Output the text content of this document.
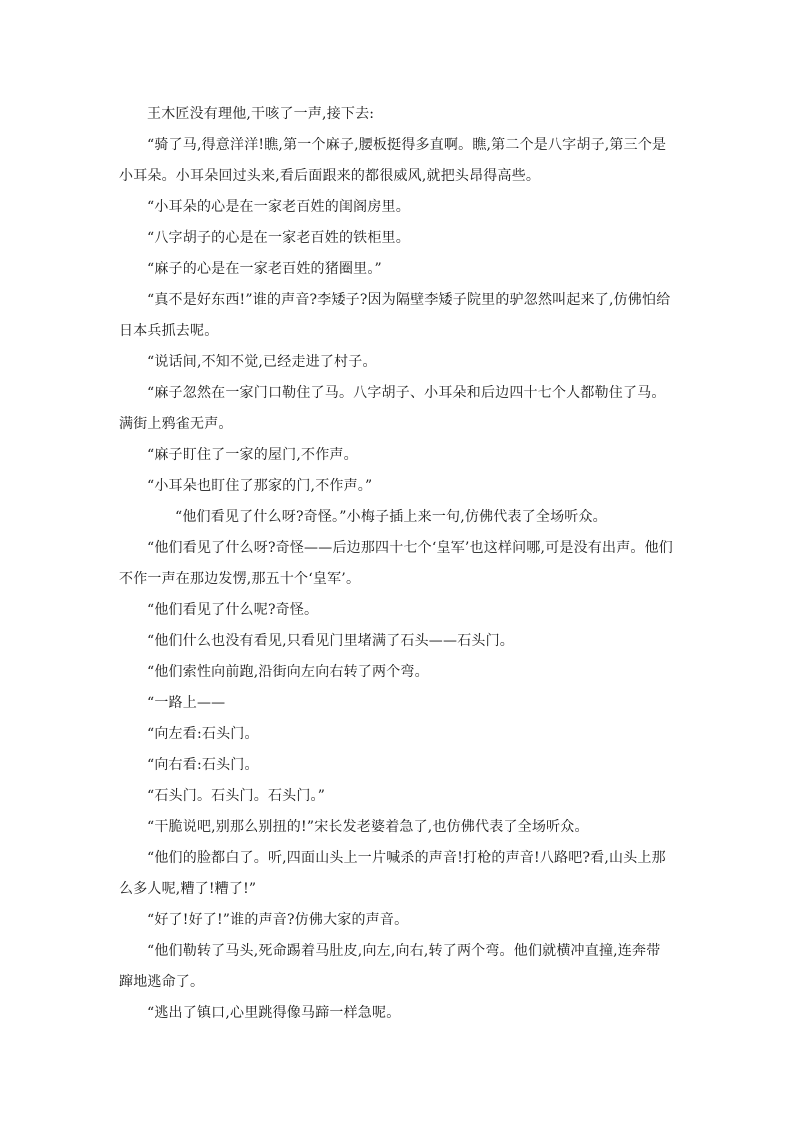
王木匠没有理他,干咳了一声,接下去:

“骑了马,得意洋洋!瞧,第一个麻子,腰板挺得多直啊。瞧,第二个是八字胡子,第三个是小耳朵。小耳朵回过头来,看后面跟来的都很威风,就把头昂得高些。

“小耳朵的心是在一家老百姓的闺阁房里。

“八字胡子的心是在一家老百姓的铁柜里。

“麻子的心是在一家老百姓的猪圈里。”

“真不是好东西!”谁的声音?李矮子?因为隔壁李矮子院里的驴忽然叫起来了,仿佛怕给日本兵抓去呢。

“说话间,不知不觉,已经走进了村子。

“麻子忽然在一家门口勒住了马。八字胡子、小耳朵和后边四十七个人都勒住了马。满街上鸦雀无声。

“麻子盯住了一家的屋门,不作声。

“小耳朵也盯住了那家的门,不作声。”

“他们看见了什么呀?奇怪。”小梅子插上来一句,仿佛代表了全场听众。

“他们看见了什么呀?奇怪——后边那四十七个‘皇军’也这样问哪,可是没有出声。他们不作一声在那边发愣,那五十个‘皇军’。

“他们看见了什么呢?奇怪。

“他们什么也没有看见,只看见门里堵满了石头——石头门。

“他们索性向前跑,沿街向左向右转了两个弯。

“一路上——

“向左看:石头门。

“向右看:石头门。

“石头门。石头门。石头门。”

“干脆说吧,别那么别扭的!”宋长发老婆着急了,也仿佛代表了全场听众。

“他们的脸都白了。听,四面山头上一片喊杀的声音!打枪的声音!八路吧?看,山头上那么多人呢,糟了!糟了!”

“好了!好了!”谁的声音?仿佛大家的声音。

“他们勒转了马头,死命踢着马肚皮,向左,向右,转了两个弯。他们就横冲直撞,连奔带蹿地逃命了。

“逃出了镇口,心里跳得像马蹄一样急呢。
